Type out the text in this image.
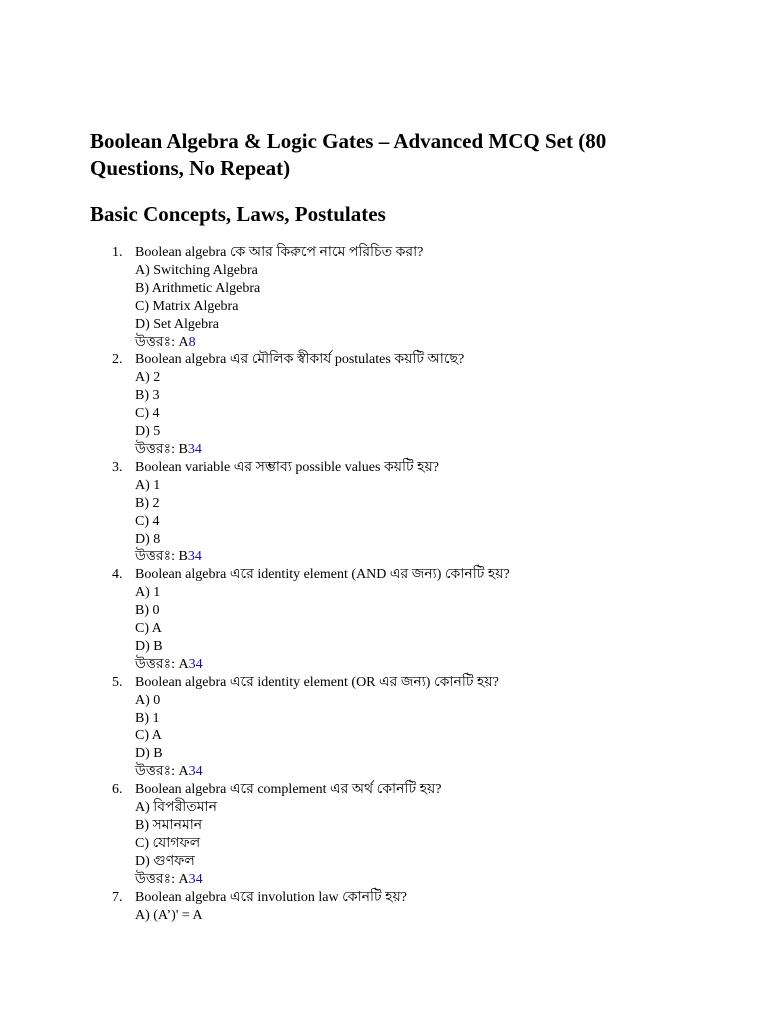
Boolean Algebra & Logic Gates – Advanced MCQ Set (80 Questions, No Repeat)
Basic Concepts, Laws, Postulates
1. Boolean algebra কে আর কিরুপে নামে পরিচিত করা?
A) Switching Algebra
B) Arithmetic Algebra
C) Matrix Algebra
D) Set Algebra
উত্তরঃ: A8
2. Boolean algebra এর মৌলিক স্বীকার্য postulates কয়টি আছে?
A) 2
B) 3
C) 4
D) 5
উত্তরঃ: B34
3. Boolean variable এর সম্ভাব্য possible values কয়টি হয়?
A) 1
B) 2
C) 4
D) 8
উত্তরঃ: B34
4. Boolean algebra এরে identity element (AND এর জন্য) কোনটি হয়?
A) 1
B) 0
C) A
D) B
উত্তরঃ: A34
5. Boolean algebra এরে identity element (OR এর জন্য) কোনটি হয়?
A) 0
B) 1
C) A
D) B
উত্তরঃ: A34
6. Boolean algebra এরে complement এর অর্থ কোনটি হয়?
A) বিপরীতমান
B) সমানমান
C) যোগফল
D) গুণফল
উত্তরঃ: A34
7. Boolean algebra এরে involution law কোনটি হয়?
A) (A’)' = A
